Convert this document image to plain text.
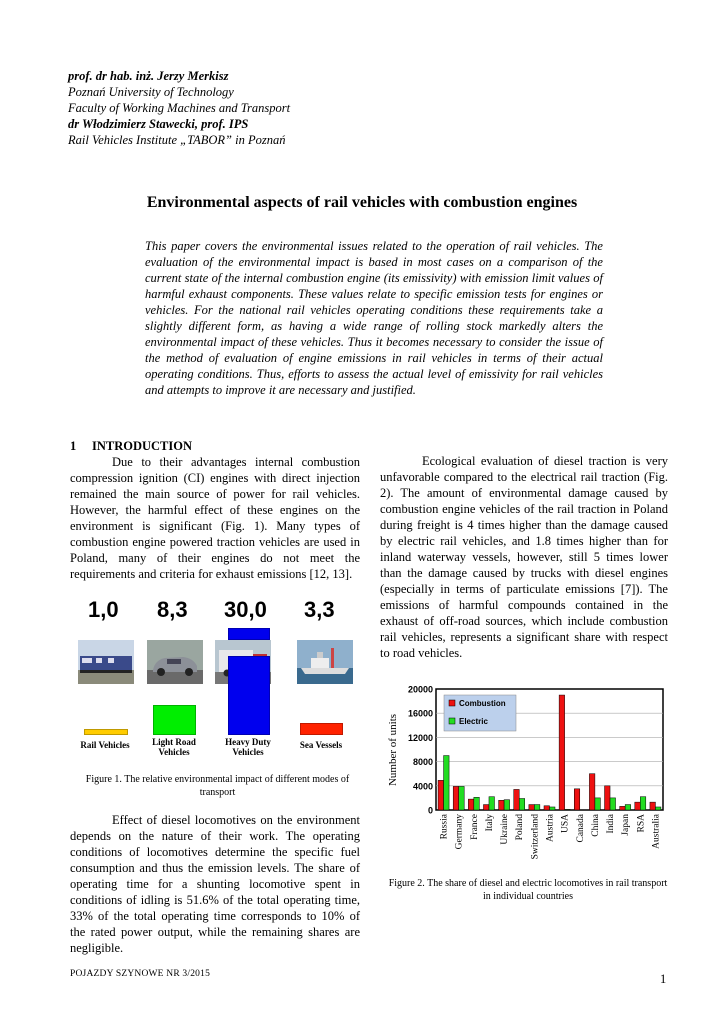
prof. dr hab. inż. Jerzy Merkisz
Poznań University of Technology
Faculty of Working Machines and Transport
dr Włodzimierz Stawecki, prof. IPS
Rail Vehicles Institute „TABOR” in Poznań
Environmental aspects of rail vehicles with combustion engines

This paper covers the environmental issues related to the operation of rail vehicles. The evaluation of the environmental impact is based in most cases on a comparison of the current state of the internal combustion engine (its emissivity) with emission limit values of harmful exhaust components. These values relate to specific emission tests for engines or vehicles. For the national rail vehicles operating conditions these requirements take a slightly different form, as having a wide range of rolling stock markedly alters the environmental impact of these vehicles. Thus it becomes necessary to consider the issue of the method of evaluation of engine emissions in rail vehicles in terms of their actual operating conditions. Thus, efforts to assess the actual level of emissivity for rail vehicles and attempts to improve it are necessary and justified.

1 INTRODUCTION

Due to their advantages internal combustion compression ignition (CI) engines with direct injection remained the main source of power for rail vehicles. However, the harmful effect of these engines on the environment is significant (Fig. 1). Many types of combustion engine powered traction vehicles are used in Poland, many of their engines do not meet the requirements and criteria for exhaust emissions [12, 13].

1,0 8,3 30,0 3,3
Rail Vehicles	Light Road Vehicles
Heavy Duty Vehicles
Sea Vessels
Figure 1. The relative environmental impact of different modes of transport

Effect of diesel locomotives on the environment depends on the nature of their work. The operating conditions of locomotives determine the specific fuel consumption and thus the emission levels. The share of operating time for a shunting locomotive spent in conditions of idling is 51.6% of the total operating time, 33% of the total operating time corresponds to 10% of the rated power output, while the remaining shares are negligible.

Ecological evaluation of diesel traction is very unfavorable compared to the electrical rail traction (Fig. 2). The amount of environmental damage caused by combustion engine vehicles of the rail traction in Poland during freight is 4 times higher than the damage caused by electric rail vehicles, and 1.8 times higher than for inland waterway vessels, however, still 5 times lower than the damage caused by trucks with diesel engines (especially in terms of particulate emissions [7]). The emissions of harmful compounds contained in the exhaust of off-road sources, which include combustion rail vehicles, represents a significant share with respect to road vehicles.

0
4000
8000
12000
16000
20000
Russia Germany France Italy Ukraine Poland Switzerland Austria USA Canada China India Japan RSA Australia
Number of units
Combustion
Electric
Figure 2. The share of diesel and electric locomotives in rail transport in individual countries
POJAZDY SZYNOWE NR 3/2015	1
